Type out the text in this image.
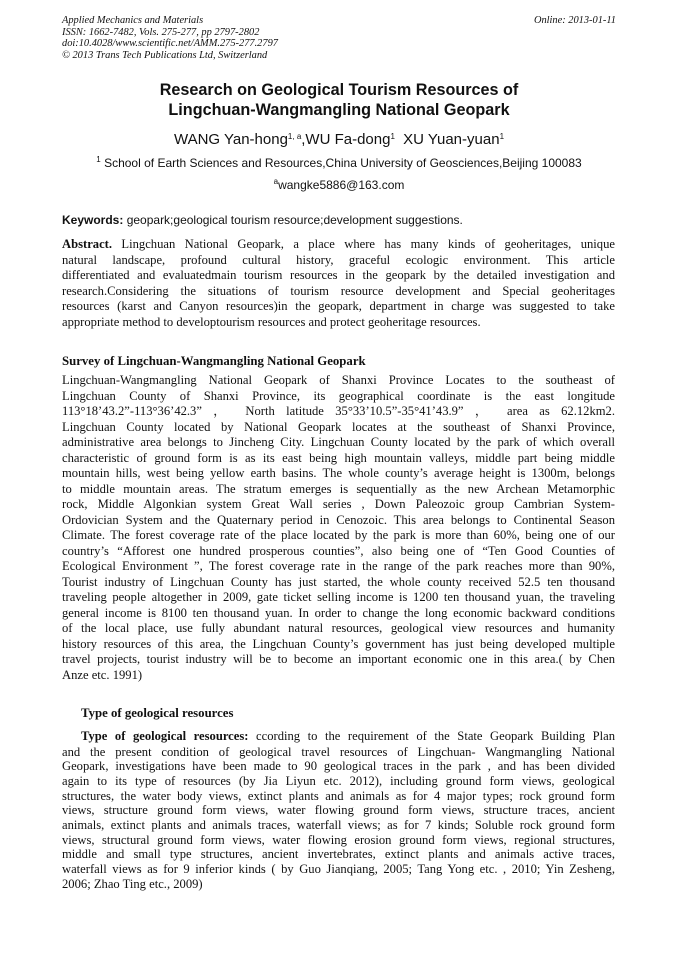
Applied Mechanics and Materials
ISSN: 1662-7482, Vols. 275-277, pp 2797-2802
doi:10.4028/www.scientific.net/AMM.275-277.2797
© 2013 Trans Tech Publications Ltd, Switzerland
Online: 2013-01-11
Research on Geological Tourism Resources of
Lingchuan-Wangmangling National Geopark
WANG Yan-hong$^{1, a}$,WU Fa-dong$^1$ XU Yuan-yuan$^1$
$^1$ School of Earth Sciences and Resources,China University of Geosciences,Beijing 100083
$^a$wangke5886@163.com
Keywords: geopark;geological tourism resource;development suggestions.
Abstract. Lingchuan National Geopark, a place where has many kinds of geoheritages, unique
natural landscape, profound cultural history, graceful ecologic environment. This article
differentiated and evaluatedmain tourism resources in the geopark by the detailed investigation and
research.Considering the situations of tourism resource development and Special geoheritages
resources (karst and Canyon resources)in the geopark, department in charge was suggested to take
appropriate method to developtourism resources and protect geoheritage resources.
Survey of Lingchuan-Wangmangling National Geopark
Lingchuan-Wangmangling National Geopark of Shanxi Province Locates to the southeast of
Lingchuan County of Shanxi Province, its geographical coordinate is the east longitude
113°18’43.2”-113°36’42.3” ， North latitude 35°33’10.5”-35°41’43.9” ， area as 62.12km2.
Lingchuan County located by National Geopark locates at the southeast of Shanxi Province,
administrative area belongs to Jincheng City. Lingchuan County located by the park of which overall
characteristic of ground form is as its east being high mountain valleys, middle part being middle
mountain hills, west being yellow earth basins. The whole county’s average height is 1300m, belongs
to middle mountain areas. The stratum emerges is sequentially as the new Archean Metamorphic
rock, Middle Algonkian system Great Wall series , Down Paleozoic group Cambrian System-
Ordovician System and the Quaternary period in Cenozoic. This area belongs to Continental Season
Climate. The forest coverage rate of the place located by the park is more than 60%, being one of our
country’s “Afforest one hundred prosperous counties”, also being one of “Ten Good Counties of
Ecological Environment ”, The forest coverage rate in the range of the park reaches more than 90%,
Tourist industry of Lingchuan County has just started, the whole county received 52.5 ten thousand
traveling people altogether in 2009, gate ticket selling income is 1200 ten thousand yuan, the traveling
general income is 8100 ten thousand yuan. In order to change the long economic backward conditions
of the local place, use fully abundant natural resources, geological view resources and humanity
history resources of this area, the Lingchuan County’s government has just being developed multiple
travel projects, tourist industry will be to become an important economic one in this area.( by Chen
Anze etc. 1991)
Type of geological resources
Type of geological resources: ccording to the requirement of the State Geopark Building Plan
and the present condition of geological travel resources of Lingchuan- Wangmangling National
Geopark, investigations have been made to 90 geological traces in the park , and has been divided
again to its type of resources (by Jia Liyun etc. 2012), including ground form views, geological
structures, the water body views, extinct plants and animals as for 4 major types; rock ground form
views, structure ground form views, water flowing ground form views, structure traces, ancient
animals, extinct plants and animals traces, waterfall views; as for 7 kinds; Soluble rock ground form
views, structural ground form views, water flowing erosion ground form views, regional structures,
middle and small type structures, ancient invertebrates, extinct plants and animals active traces,
waterfall views as for 9 inferior kinds ( by Guo Jianqiang, 2005; Tang Yong etc. , 2010; Yin Zesheng,
2006; Zhao Ting etc., 2009)
